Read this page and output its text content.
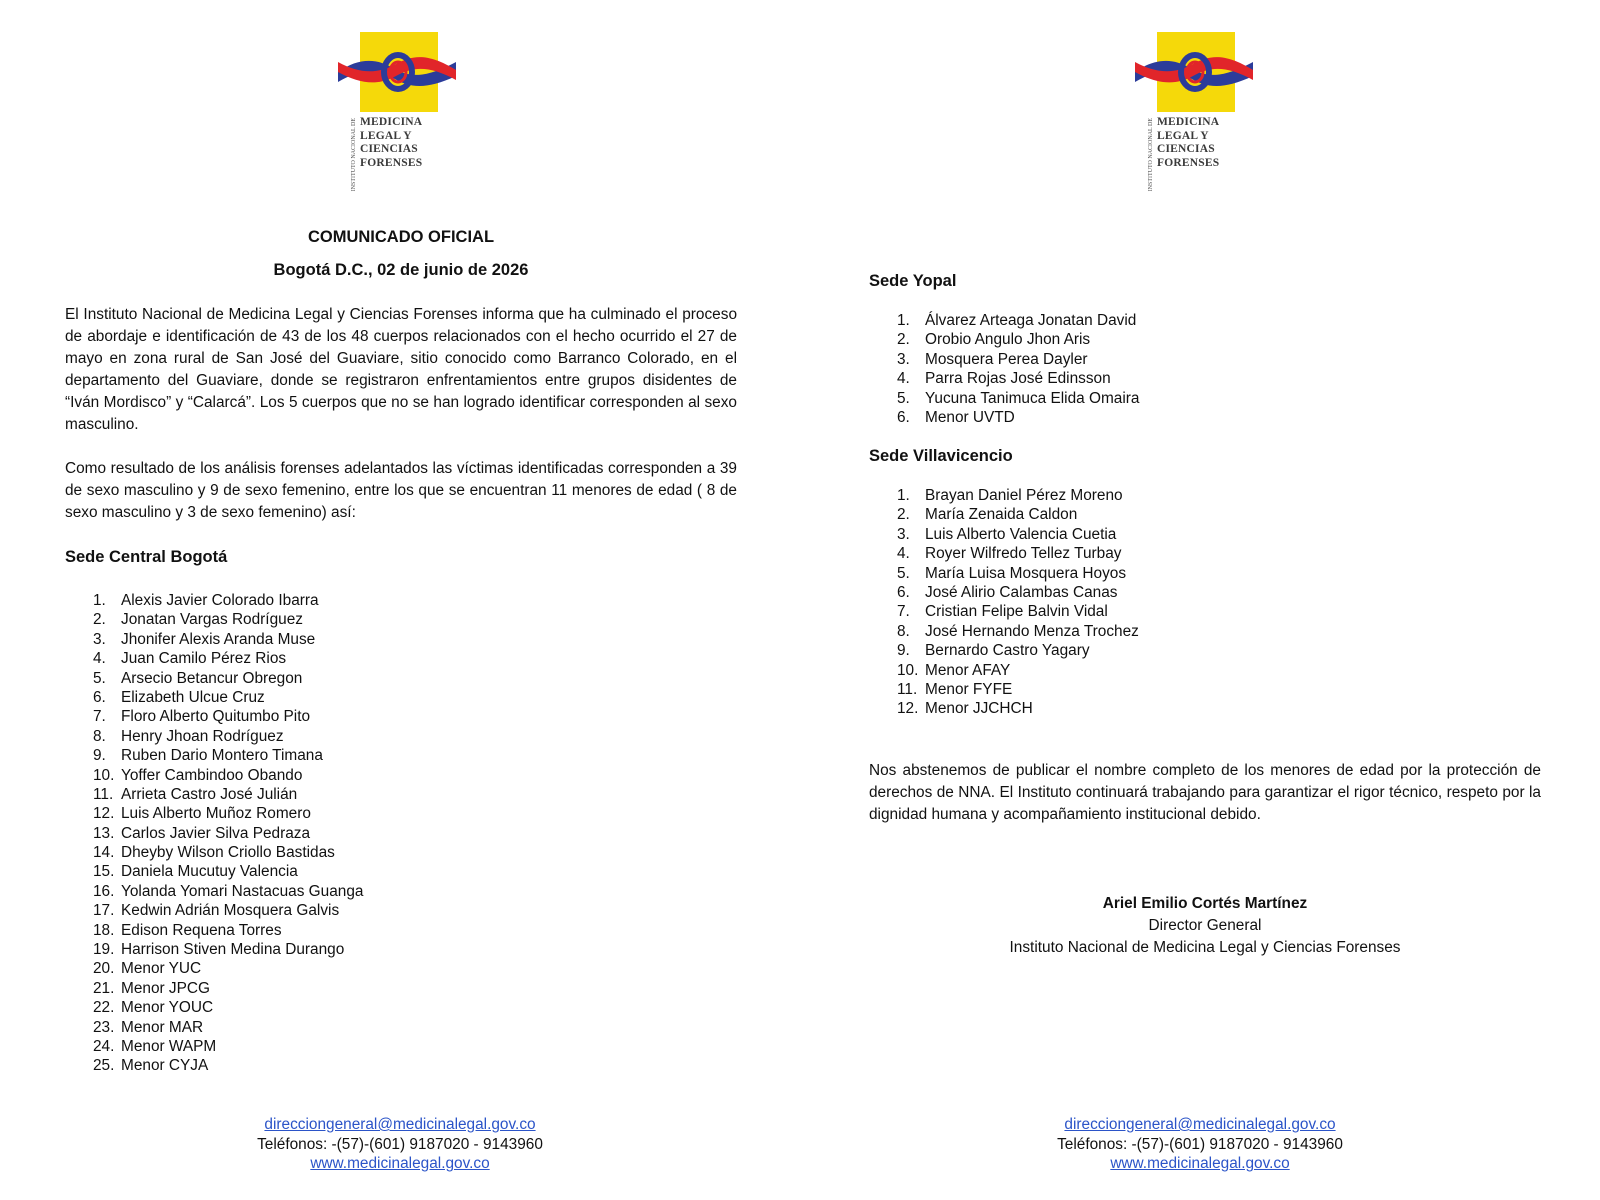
INSTITUTO NACIONAL DE MEDICINA
LEGAL Y
CIENCIAS
FORENSES
COMUNICADO OFICIAL
Bogotá D.C., 02 de junio de 2026

El Instituto Nacional de Medicina Legal y Ciencias Forenses informa que ha culminado el proceso de abordaje e identificación de 43 de los 48 cuerpos relacionados con el hecho ocurrido el 27 de mayo en zona rural de San José del Guaviare, sitio conocido como Barranco Colorado, en el departamento del Guaviare, donde se registraron enfrentamientos entre grupos disidentes de “Iván Mordisco” y “Calarcá”. Los 5 cuerpos que no se han logrado identificar corresponden al sexo masculino.

Como resultado de los análisis forenses adelantados las víctimas identificadas corresponden a 39 de sexo masculino y 9 de sexo femenino, entre los que se encuentran 11 menores de edad ( 8 de sexo masculino y 3 de sexo femenino) así:

Sede Central Bogotá
1. Alexis Javier Colorado Ibarra
2. Jonatan Vargas Rodríguez
3. Jhonifer Alexis Aranda Muse
4. Juan Camilo Pérez Rios
5. Arsecio Betancur Obregon
6. Elizabeth Ulcue Cruz
7. Floro Alberto Quitumbo Pito
8. Henry Jhoan Rodríguez
9. Ruben Dario Montero Timana
10. Yoffer Cambindoo Obando
11. Arrieta Castro José Julián
12. Luis Alberto Muñoz Romero
13. Carlos Javier Silva Pedraza
14. Dheyby Wilson Criollo Bastidas
15. Daniela Mucutuy Valencia
16. Yolanda Yomari Nastacuas Guanga
17. Kedwin Adrián Mosquera Galvis
18. Edison Requena Torres
19. Harrison Stiven Medina Durango
20. Menor YUC
21. Menor JPCG
22. Menor YOUC
23. Menor MAR
24. Menor WAPM
25. Menor CYJA
direcciongeneral@medicinalegal.gov.co
Teléfonos: -(57)-(601) 9187020 - 9143960
www.medicinalegal.gov.co
INSTITUTO NACIONAL DE MEDICINA
LEGAL Y
CIENCIAS
FORENSES
Sede Yopal
1. Álvarez Arteaga Jonatan David
2. Orobio Angulo Jhon Aris
3. Mosquera Perea Dayler
4. Parra Rojas José Edinsson
5. Yucuna Tanimuca Elida Omaira
6. Menor UVTD
Sede Villavicencio
1. Brayan Daniel Pérez Moreno
2. María Zenaida Caldon
3. Luis Alberto Valencia Cuetia
4. Royer Wilfredo Tellez Turbay
5. María Luisa Mosquera Hoyos
6. José Alirio Calambas Canas
7. Cristian Felipe Balvin Vidal
8. José Hernando Menza Trochez
9. Bernardo Castro Yagary
10. Menor AFAY
11. Menor FYFE
12. Menor JJCHCH

Nos abstenemos de publicar el nombre completo de los menores de edad por la protección de derechos de NNA. El Instituto continuará trabajando para garantizar el rigor técnico, respeto por la dignidad humana y acompañamiento institucional debido.

Ariel Emilio Cortés Martínez
Director General
Instituto Nacional de Medicina Legal y Ciencias Forenses
direcciongeneral@medicinalegal.gov.co
Teléfonos: -(57)-(601) 9187020 - 9143960
www.medicinalegal.gov.co
